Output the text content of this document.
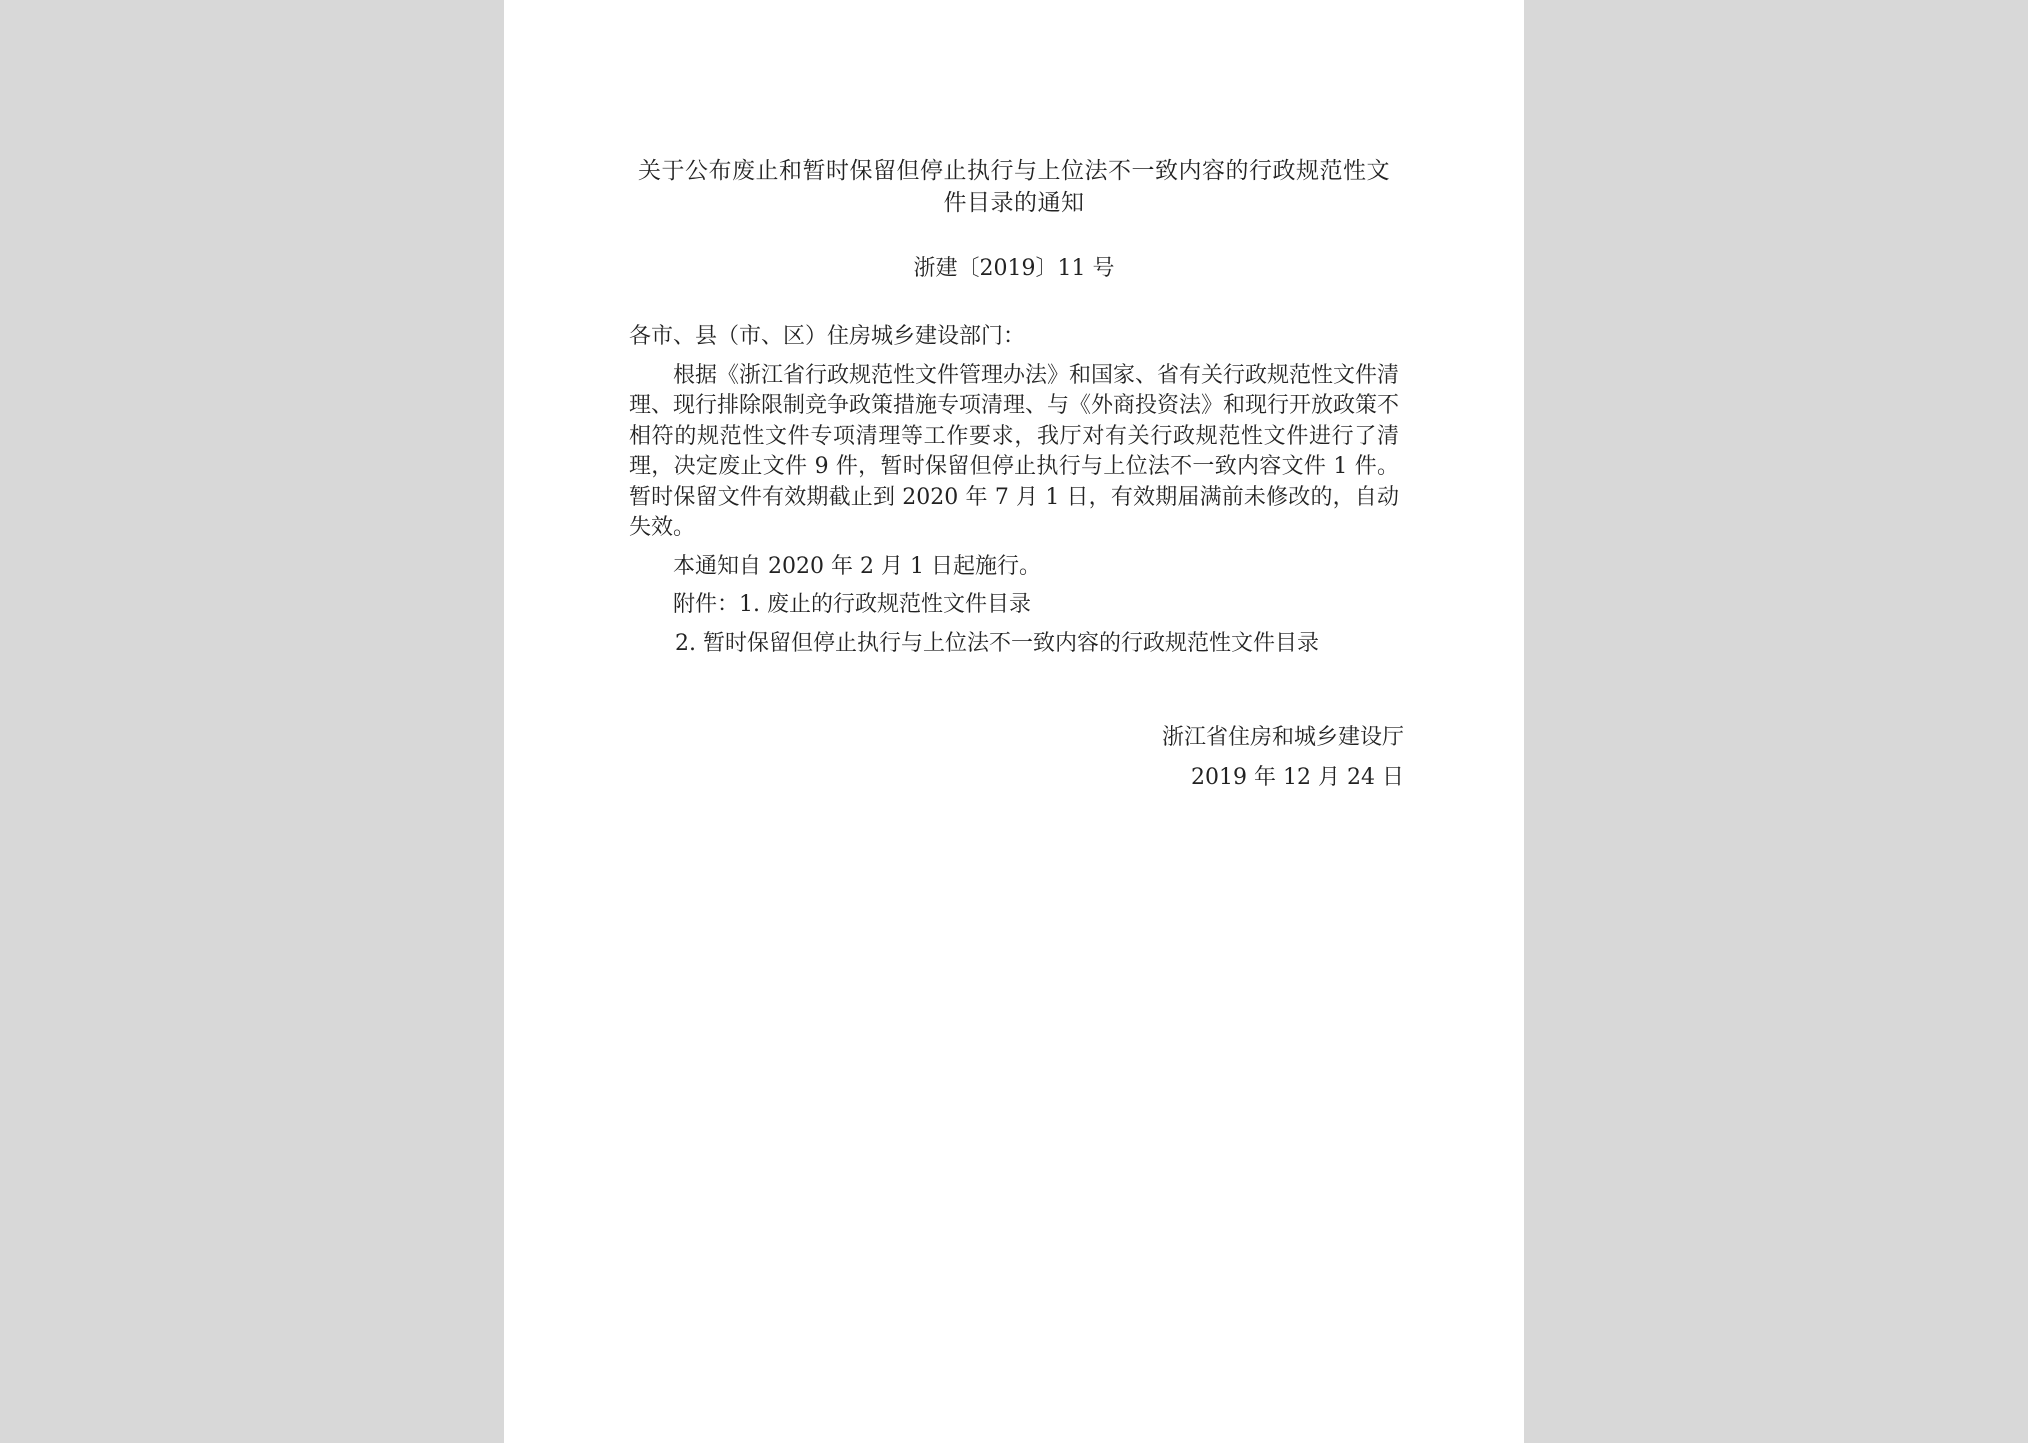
关于公布废止和暂时保留但停止执行与上位法不一致内容的行政规范性文件目录的通知
浙建〔2019〕11 号

各市、县（市、区）住房城乡建设部门：

根据《浙江省行政规范性文件管理办法》和国家、省有关行政规范性文件清理、现行排除限制竞争政策措施专项清理、与《外商投资法》和现行开放政策不相符的规范性文件专项清理等工作要求，我厅对有关行政规范性文件进行了清理，决定废止文件 9 件，暂时保留但停止执行与上位法不一致内容文件 1 件。暂时保留文件有效期截止到 2020 年 7 月 1 日，有效期届满前未修改的，自动失效。

本通知自 2020 年 2 月 1 日起施行。

附件：1. 废止的行政规范性文件目录

2. 暂时保留但停止执行与上位法不一致内容的行政规范性文件目录

浙江省住房和城乡建设厅
2019 年 12 月 24 日
